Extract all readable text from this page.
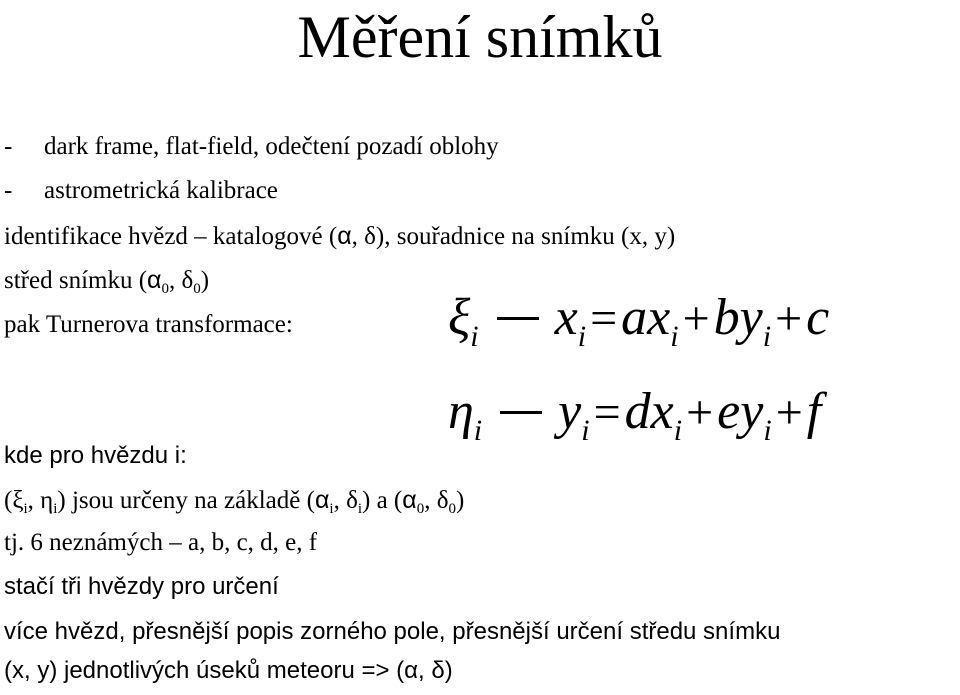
Měření snímků
- dark frame, flat-field, odečtení pozadí oblohy
- astrometrická kalibrace
identifikace hvězd – katalogové (α, δ), souřadnice na snímku (x, y)
střed snímku ($\alpha_0$, $\delta_0$)
pak Turnerova transformace:	ξi xi = axi + byi + c
ηi yi = dxi + eyi + f
kde pro hvězdu i:
($\xi_i$, $\eta_i$) jsou určeny na základě ($\alpha_i$, $\delta_i$) a ($\alpha_0$, $\delta_0$)
tj. 6 neznámých – a, b, c, d, e, f
stačí tři hvězdy pro určení
více hvězd, přesnější popis zorného pole, přesnější určení středu snímku
(x, y) jednotlivých úseků meteoru => (α, δ)
